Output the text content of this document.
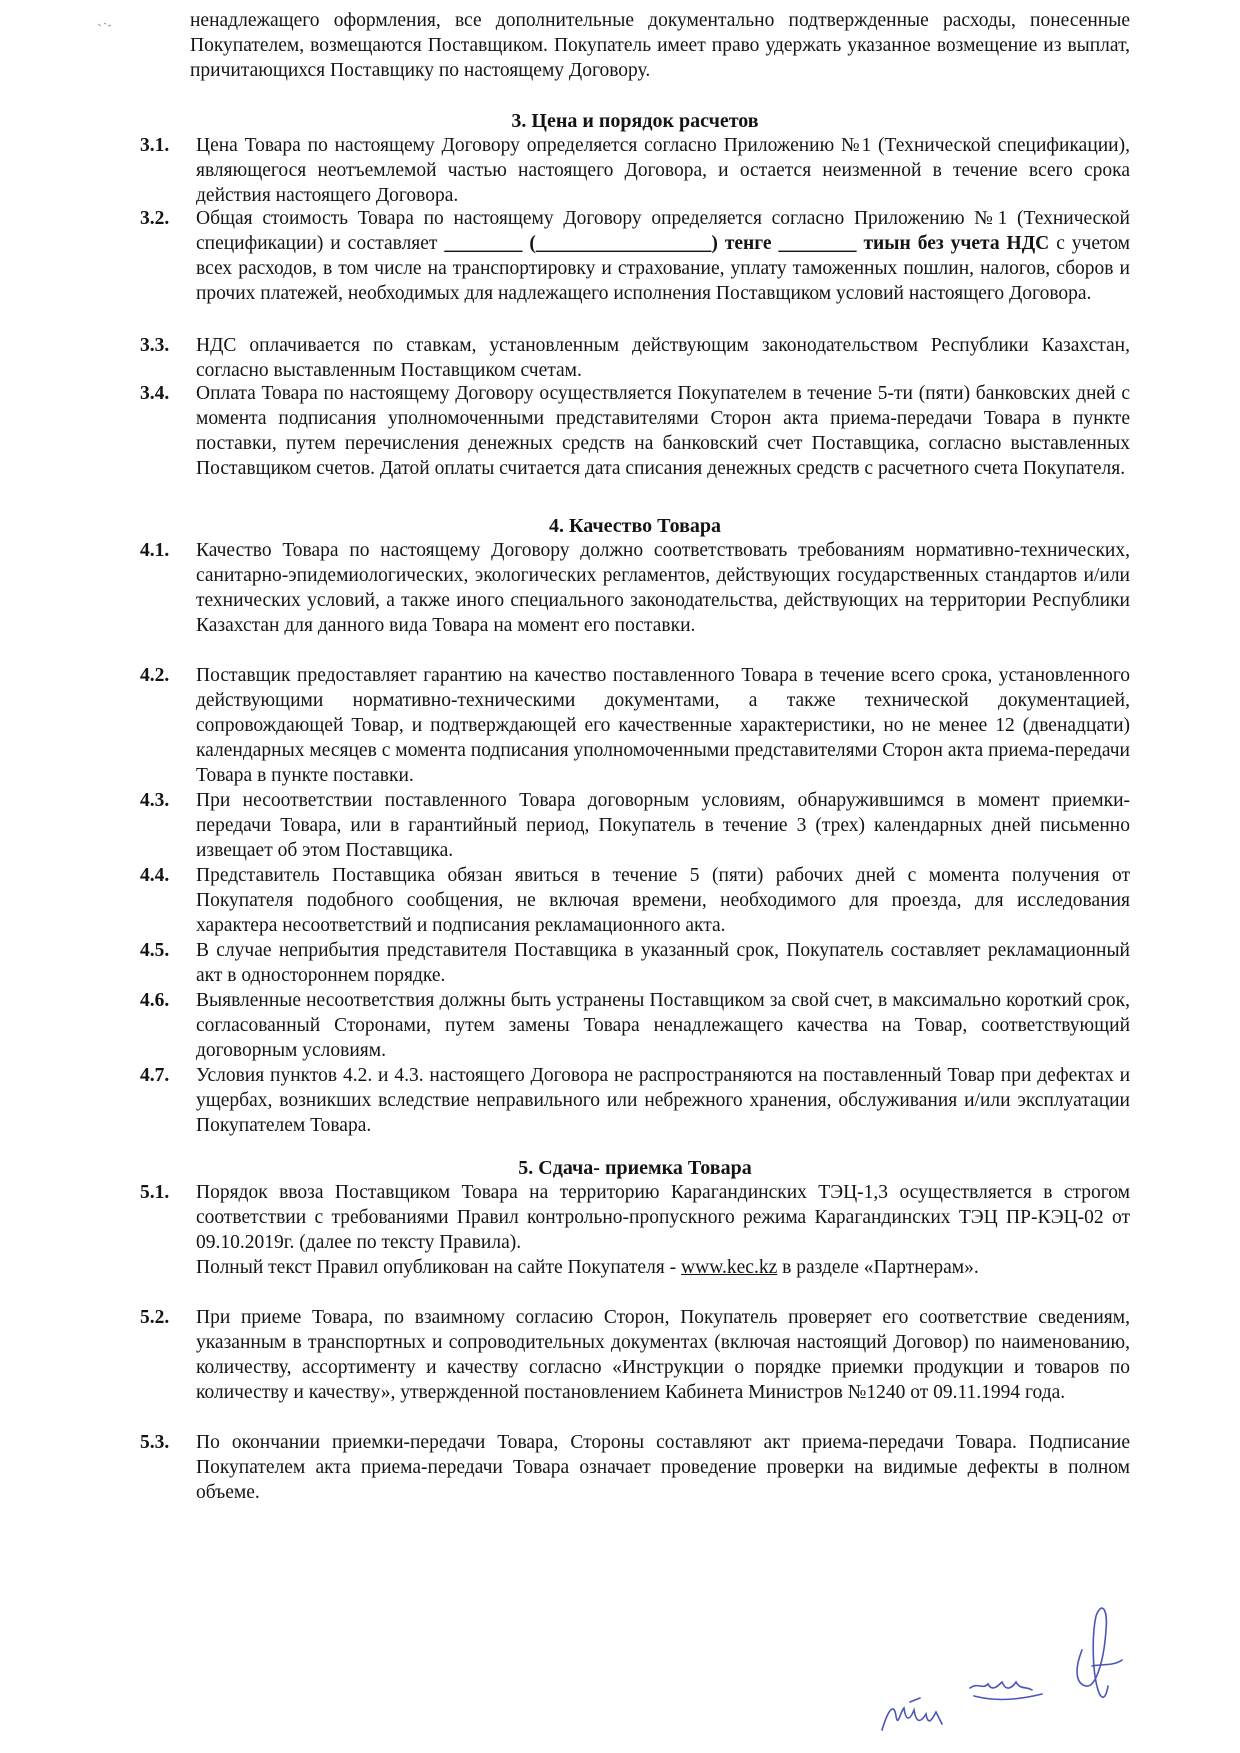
ненадлежащего оформления, все дополнительные документально подтвержденные расходы, понесенные Покупателем, возмещаются Поставщиком. Покупатель имеет право удержать указанное возмещение из выплат, причитающихся Поставщику по настоящему Договору.
3. Цена и порядок расчетов
3.1.	Цена Товара по настоящему Договору определяется согласно Приложению №1 (Технической спецификации), являющегося неотъемлемой частью настоящего Договора, и остается неизменной в течение всего срока действия настоящего Договора.
3.2.	Общая стоимость Товара по настоящему Договору определяется согласно Приложению №1 (Технической спецификации) и составляет ________ (__________________) тенге ________ тиын без учета НДС с учетом всех расходов, в том числе на транспортировку и страхование, уплату таможенных пошлин, налогов, сборов и прочих платежей, необходимых для надлежащего исполнения Поставщиком условий настоящего Договора.
3.3.	НДС оплачивается по ставкам, установленным действующим законодательством Республики Казахстан, согласно выставленным Поставщиком счетам.
3.4.	Оплата Товара по настоящему Договору осуществляется Покупателем в течение 5-ти (пяти) банковских дней с момента подписания уполномоченными представителями Сторон акта приема-передачи Товара в пункте поставки, путем перечисления денежных средств на банковский счет Поставщика, согласно выставленных Поставщиком счетов. Датой оплаты считается дата списания денежных средств с расчетного счета Покупателя.
4. Качество Товара
4.1.	Качество Товара по настоящему Договору должно соответствовать требованиям нормативно-технических, санитарно-эпидемиологических, экологических регламентов, действующих государственных стандартов и/или технических условий, а также иного специального законодательства, действующих на территории Республики Казахстан для данного вида Товара на момент его поставки.
4.2.	Поставщик предоставляет гарантию на качество поставленного Товара в течение всего срока, установленного действующими нормативно-техническими документами, а также технической документацией, сопровождающей Товар, и подтверждающей его качественные характеристики, но не менее 12 (двенадцати) календарных месяцев с момента подписания уполномоченными представителями Сторон акта приема-передачи Товара в пункте поставки.
4.3.	При несоответствии поставленного Товара договорным условиям, обнаружившимся в момент приемки-передачи Товара, или в гарантийный период, Покупатель в течение 3 (трех) календарных дней письменно извещает об этом Поставщика.
4.4.	Представитель Поставщика обязан явиться в течение 5 (пяти) рабочих дней с момента получения от Покупателя подобного сообщения, не включая времени, необходимого для проезда, для исследования характера несоответствий и подписания рекламационного акта.
4.5.	В случае неприбытия представителя Поставщика в указанный срок, Покупатель составляет рекламационный акт в одностороннем порядке.
4.6.	Выявленные несоответствия должны быть устранены Поставщиком за свой счет, в максимально короткий срок, согласованный Сторонами, путем замены Товара ненадлежащего качества на Товар, соответствующий договорным условиям.
4.7.	Условия пунктов 4.2. и 4.3. настоящего Договора не распространяются на поставленный Товар при дефектах и ущербах, возникших вследствие неправильного или небрежного хранения, обслуживания и/или эксплуатации Покупателем Товара.
5. Сдача- приемка Товара
5.1.	Порядок ввоза Поставщиком Товара на территорию Карагандинских ТЭЦ-1,3 осуществляется в строгом соответствии с требованиями Правил контрольно-пропускного режима Карагандинских ТЭЦ ПР-КЭЦ-02 от 09.10.2019г. (далее по тексту Правила).

Полный текст Правил опубликован на сайте Покупателя - www.kec.kz в разделе «Партнерам».

5.2.	При приеме Товара, по взаимному согласию Сторон, Покупатель проверяет его соответствие сведениям, указанным в транспортных и сопроводительных документах (включая настоящий Договор) по наименованию, количеству, ассортименту и качеству согласно «Инструкции о порядке приемки продукции и товаров по количеству и качеству», утвержденной постановлением Кабинета Министров №1240 от 09.11.1994 года.
5.3.	По окончании приемки-передачи Товара, Стороны составляют акт приема-передачи Товара. Подписание Покупателем акта приема-передачи Товара означает проведение проверки на видимые дефекты в полном объеме.
